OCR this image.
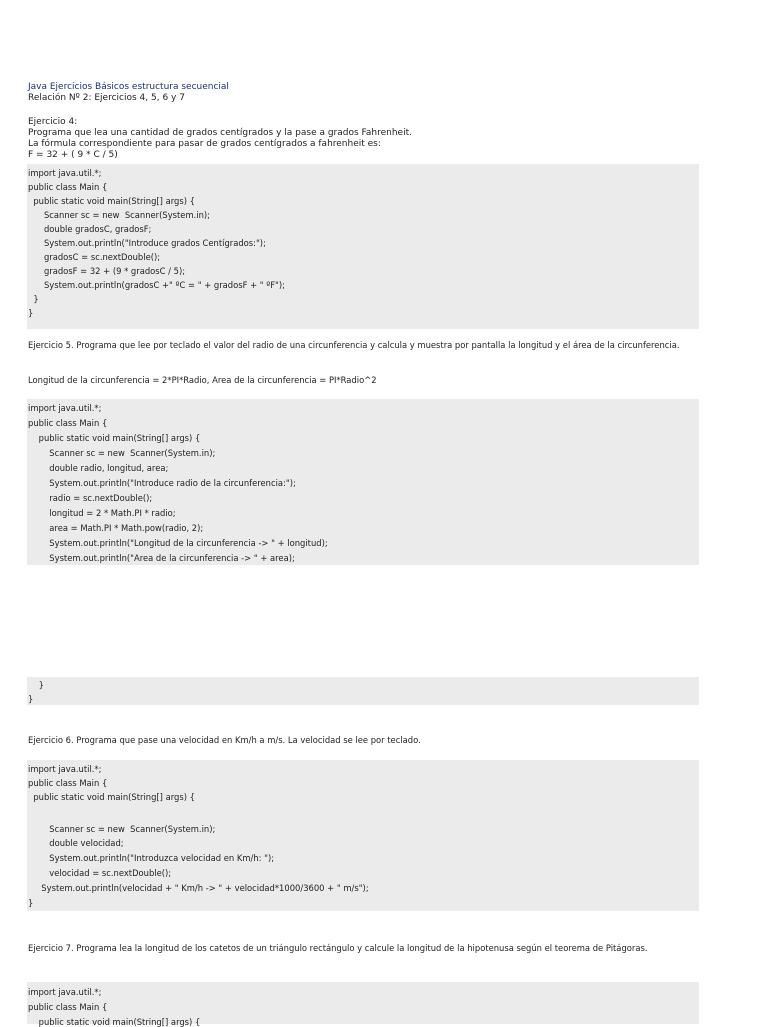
Java Ejercicios Básicos estructura secuencial
Relación Nº 2: Ejercicios 4, 5, 6 y 7
Ejercicio 4:
Programa que lea una cantidad de grados centígrados y la pase a grados Fahrenheit.
La fórmula correspondiente para pasar de grados centígrados a fahrenheit es:
F = 32 + ( 9 * C / 5)
import java.util.*;
public class Main {
public static void main(String[] args) {
Scanner sc = new  Scanner(System.in);
double gradosC, gradosF;
System.out.println("Introduce grados Centígrados:");
gradosC = sc.nextDouble();
gradosF = 32 + (9 * gradosC / 5);
System.out.println(gradosC +" ºC = " + gradosF + " ºF");
}
}
Ejercicio 5. Programa que lee por teclado el valor del radio de una circunferencia y calcula y muestra por pantalla la longitud y el área de la circunferencia.
Longitud de la circunferencia = 2*PI*Radio, Area de la circunferencia = PI*Radio^2
import java.util.*;
public class Main {
public static void main(String[] args) {
Scanner sc = new  Scanner(System.in);
double radio, longitud, area;
System.out.println("Introduce radio de la circunferencia:");
radio = sc.nextDouble();
longitud = 2 * Math.PI * radio;
area = Math.PI * Math.pow(radio, 2);
System.out.println("Longitud de la circunferencia -> " + longitud);
System.out.println("Area de la circunferencia -> " + area);
}
}
Ejercicio 6. Programa que pase una velocidad en Km/h a m/s. La velocidad se lee por teclado.
import java.util.*;
public class Main {
public static void main(String[] args) {
Scanner sc = new  Scanner(System.in);
double velocidad;
System.out.println("Introduzca velocidad en Km/h: ");
velocidad = sc.nextDouble();
System.out.println(velocidad + " Km/h -> " + velocidad*1000/3600 + " m/s");
}
Ejercicio 7. Programa lea la longitud de los catetos de un triángulo rectángulo y calcule la longitud de la hipotenusa según el teorema de Pitágoras.
import java.util.*;
public class Main {
public static void main(String[] args) {
